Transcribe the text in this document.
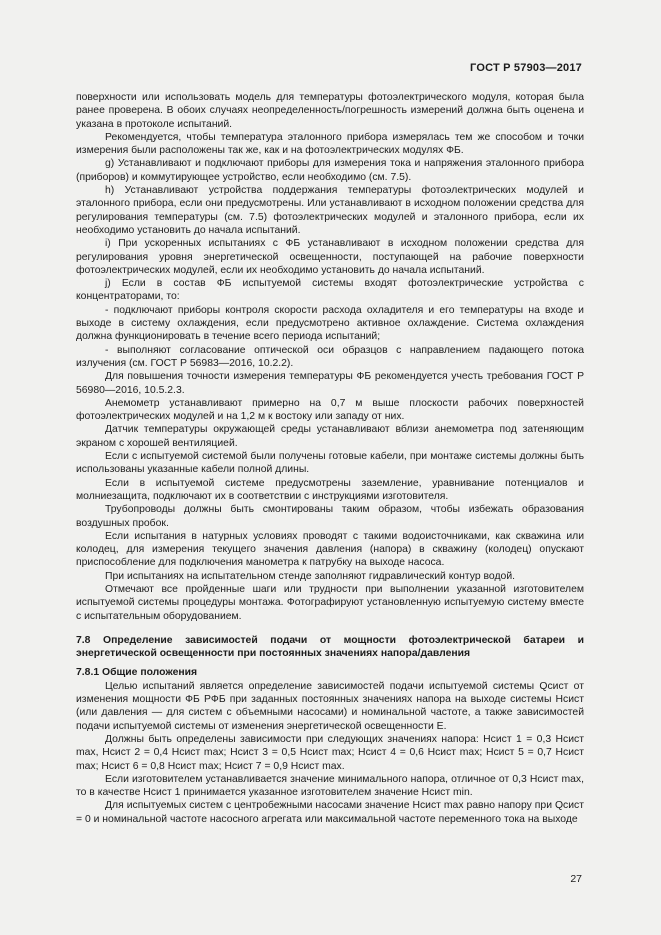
ГОСТ Р 57903—2017

поверхности или использовать модель для температуры фотоэлектрического модуля, которая была ранее проверена. В обоих случаях неопределенность/погрешность измерений должна быть оценена и указана в протоколе испытаний.

Рекомендуется, чтобы температура эталонного прибора измерялась тем же способом и точки измерения были расположены так же, как и на фотоэлектрических модулях ФБ.

g) Устанавливают и подключают приборы для измерения тока и напряжения эталонного прибора (приборов) и коммутирующее устройство, если необходимо (см. 7.5).

h) Устанавливают устройства поддержания температуры фотоэлектрических модулей и эталонного прибора, если они предусмотрены. Или устанавливают в исходном положении средства для регулирования температуры (см. 7.5) фотоэлектрических модулей и эталонного прибора, если их необходимо установить до начала испытаний.

i) При ускоренных испытаниях с ФБ устанавливают в исходном положении средства для регулирования уровня энергетической освещенности, поступающей на рабочие поверхности фотоэлектрических модулей, если их необходимо установить до начала испытаний.

j) Если в состав ФБ испытуемой системы входят фотоэлектрические устройства с концентраторами, то:

- подключают приборы контроля скорости расхода охладителя и его температуры на входе и выходе в систему охлаждения, если предусмотрено активное охлаждение. Система охлаждения должна функционировать в течение всего периода испытаний;

- выполняют согласование оптической оси образцов с направлением падающего потока излучения (см. ГОСТ Р 56983—2016, 10.2.2).

Для повышения точности измерения температуры ФБ рекомендуется учесть требования ГОСТ Р 56980—2016, 10.5.2.3.

Анемометр устанавливают примерно на 0,7 м выше плоскости рабочих поверхностей фотоэлектрических модулей и на 1,2 м к востоку или западу от них.

Датчик температуры окружающей среды устанавливают вблизи анемометра под затеняющим экраном с хорошей вентиляцией.

Если с испытуемой системой были получены готовые кабели, при монтаже системы должны быть использованы указанные кабели полной длины.

Если в испытуемой системе предусмотрены заземление, уравнивание потенциалов и молниезащита, подключают их в соответствии с инструкциями изготовителя.

Трубопроводы должны быть смонтированы таким образом, чтобы избежать образования воздушных пробок.

Если испытания в натурных условиях проводят с такими водоисточниками, как скважина или колодец, для измерения текущего значения давления (напора) в скважину (колодец) опускают приспособление для подключения манометра к патрубку на выходе насоса.

При испытаниях на испытательном стенде заполняют гидравлический контур водой.

Отмечают все пройденные шаги или трудности при выполнении указанной изготовителем испытуемой системы процедуры монтажа. Фотографируют установленную испытуемую систему вместе с испытательным оборудованием.

7.8 Определение зависимостей подачи от мощности фотоэлектрической батареи и энергетической освещенности при постоянных значениях напора/давления

7.8.1 Общие положения

Целью испытаний является определение зависимостей подачи испытуемой системы Qсист от изменения мощности ФБ PФБ при заданных постоянных значениях напора на выходе системы Hсист (или давления — для систем с объемными насосами) и номинальной частоте, а также зависимостей подачи испытуемой системы от изменения энергетической освещенности E.

Должны быть определены зависимости при следующих значениях напора: Hсист 1 = 0,3 Hсист max, Hсист 2 = 0,4 Hсист max; Hсист 3 = 0,5 Hсист max; Hсист 4 = 0,6 Hсист max; Hсист 5 = 0,7 Hсист max; Hсист 6 = 0,8 Hсист max; Hсист 7 = 0,9 Hсист max.

Если изготовителем устанавливается значение минимального напора, отличное от 0,3 Hсист max, то в качестве Hсист 1 принимается указанное изготовителем значение Hсист min.

Для испытуемых систем с центробежными насосами значение Hсист max равно напору при Qсист = 0 и номинальной частоте насосного агрегата или максимальной частоте переменного тока на выходе

27
